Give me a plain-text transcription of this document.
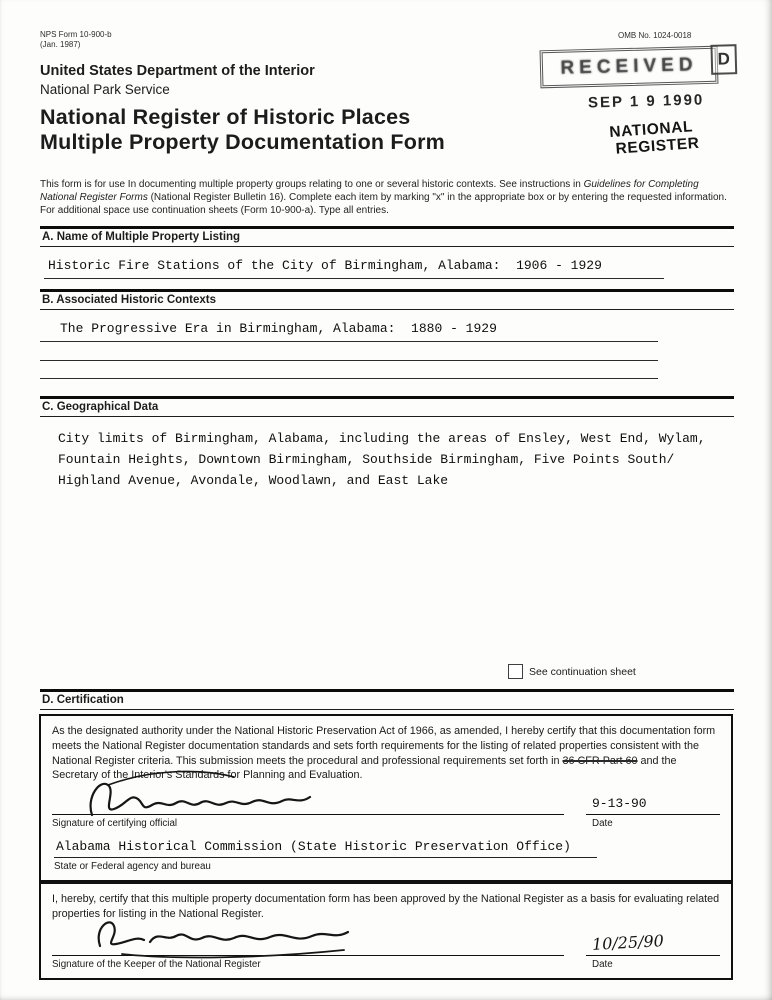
NPS Form 10-900-b
(Jan. 1987)
OMB No. 1024-0018
RECEIVED	D
SEP 1 9 1990
NATIONAL
REGISTER
United States Department of the Interior
National Park Service
National Register of Historic Places
Multiple Property Documentation Form

This form is for use In documenting multiple property groups relating to one or several historic contexts. See instructions in Guidelines for Completing National Register Forms (National Register Bulletin 16). Complete each item by marking "x" in the appropriate box or by entering the requested information. For additional space use continuation sheets (Form 10-900-a). Type all entries.

A. Name of Multiple Property Listing
Historic Fire Stations of the City of Birmingham, Alabama:  1906 - 1929
B. Associated Historic Contexts
The Progressive Era in Birmingham, Alabama:  1880 - 1929
C. Geographical Data
City limits of Birmingham, Alabama, including the areas of Ensley, West End, Wylam,
Fountain Heights, Downtown Birmingham, Southside Birmingham, Five Points South/
Highland Avenue, Avondale, Woodlawn, and East Lake
See continuation sheet
D. Certification

As the designated authority under the National Historic Preservation Act of 1966, as amended, I hereby certify that this documentation form meets the National Register documentation standards and sets forth requirements for the listing of related properties consistent with the National Register criteria. This submission meets the procedural and professional requirements set forth in 36 CFR Part 60 and the Secretary of the Interior's Standards for Planning and Evaluation.

9-13-90
Signature of certifying official	Date
Alabama Historical Commission (State Historic Preservation Office)
State or Federal agency and bureau

I, hereby, certify that this multiple property documentation form has been approved by the National Register as a basis for evaluating related properties for listing in the National Register.

10/25/90
Signature of the Keeper of the National Register	Date
